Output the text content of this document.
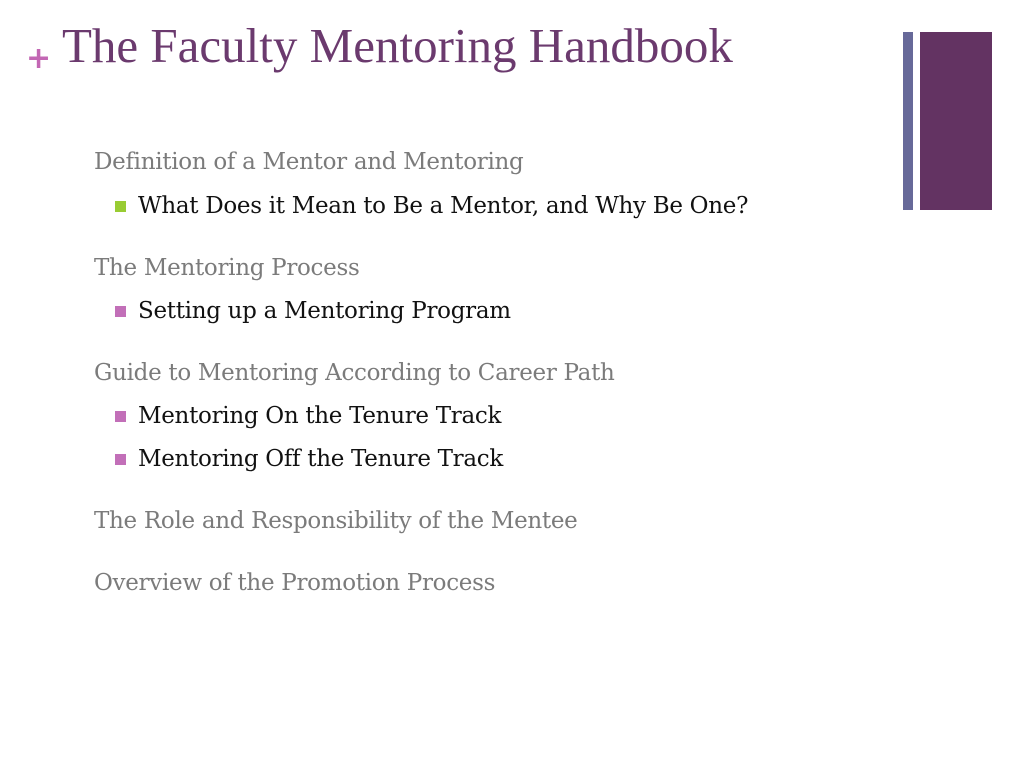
+ The Faculty Mentoring Handbook
Definition of a Mentor and Mentoring
What Does it Mean to Be a Mentor, and Why Be One?
The Mentoring Process
Setting up a Mentoring Program
Guide to Mentoring According to Career Path
Mentoring On the Tenure Track
Mentoring Off the Tenure Track
The Role and Responsibility of the Mentee
Overview of the Promotion Process
